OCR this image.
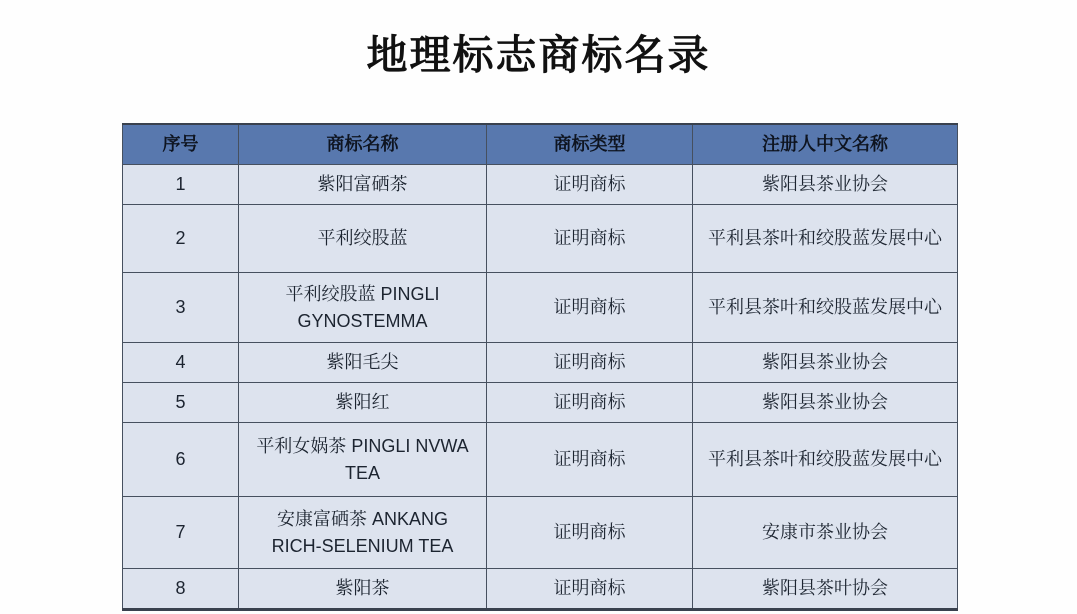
地理标志商标名录
序号	商标名称	商标类型	注册人中文名称
1	紫阳富硒茶	证明商标	紫阳县茶业协会
2	平利绞股蓝	证明商标	平利县茶叶和绞股蓝发展中心
3	平利绞股蓝 PINGLI GYNOSTEMMA	证明商标	平利县茶叶和绞股蓝发展中心
4	紫阳毛尖	证明商标	紫阳县茶业协会
5	紫阳红	证明商标	紫阳县茶业协会
6	平利女娲茶 PINGLI NVWA TEA	证明商标	平利县茶叶和绞股蓝发展中心
7	安康富硒茶 ANKANG RICH-SELENIUM TEA	证明商标	安康市茶业协会
8	紫阳茶	证明商标	紫阳县茶叶协会
